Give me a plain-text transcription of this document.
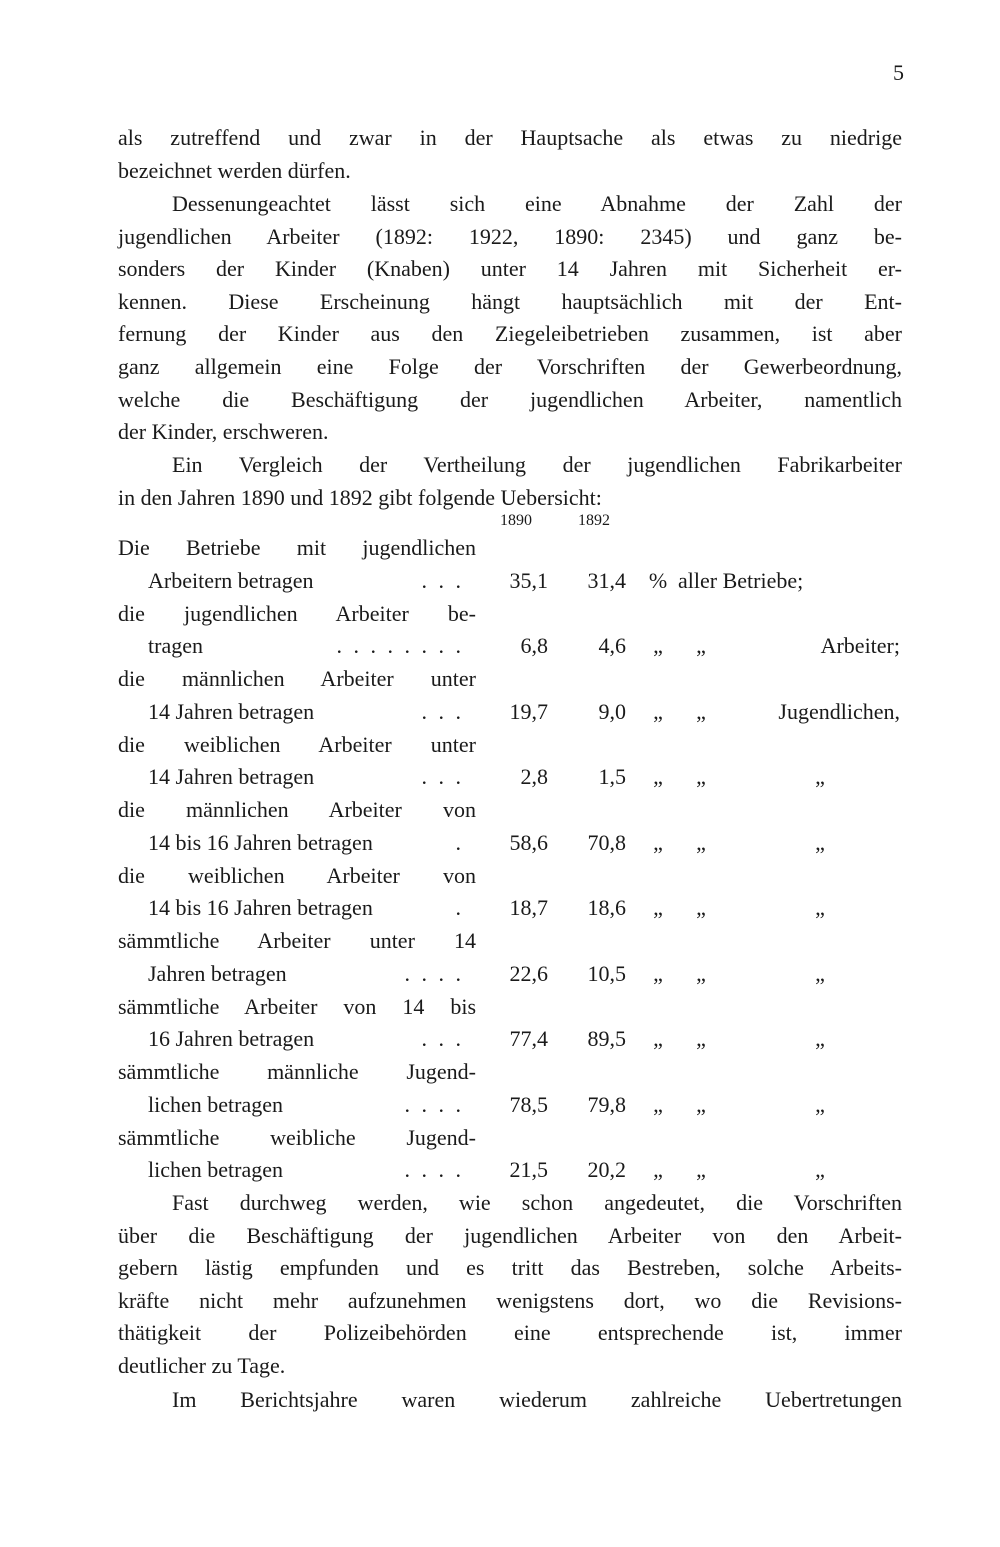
5
als zutreffend und zwar in der Hauptsache als etwas zu niedrige
bezeichnet werden dürfen.
Dessenungeachtet lässt sich eine Abnahme der Zahl der
jugendlichen Arbeiter (1892: 1922, 1890: 2345) und ganz be-
sonders der Kinder (Knaben) unter 14 Jahren mit Sicherheit er-
kennen. Diese Erscheinung hängt hauptsächlich mit der Ent-
fernung der Kinder aus den Ziegeleibetrieben zusammen, ist aber
ganz allgemein eine Folge der Vorschriften der Gewerbeordnung,
welche die Beschäftigung der jugendlichen Arbeiter, namentlich
der Kinder, erschweren.
Ein Vergleich der Vertheilung der jugendlichen Fabrikarbeiter
in den Jahren 1890 und 1892 gibt folgende Uebersicht:
1890	1892
Die Betriebe mit jugendlichen
Arbeitern betragen	. . .	35,1	31,4 % aller Betriebe;
die jugendlichen Arbeiter be-
tragen	. . . . . . . .	6,8	4,6	„	„	Arbeiter;
die männlichen Arbeiter unter
14 Jahren betragen	. . .	19,7	9,0	„	„	Jugendlichen,
die weiblichen Arbeiter unter
14 Jahren betragen	. . .	2,8	1,5	„	„	„
die männlichen Arbeiter von
14 bis 16 Jahren betragen	.	58,6	70,8	„	„	„
die weiblichen Arbeiter von
14 bis 16 Jahren betragen	.	18,7	18,6	„	„	„
sämmtliche Arbeiter unter 14
Jahren betragen	. . . .	22,6	10,5	„	„	„
sämmtliche Arbeiter von 14 bis
16 Jahren betragen	. . .	77,4	89,5	„	„	„
sämmtliche männliche Jugend-
lichen betragen	. . . .	78,5	79,8	„	„	„
sämmtliche weibliche Jugend-
lichen betragen	. . . .	21,5	20,2	„	„	„
Fast durchweg werden, wie schon angedeutet, die Vorschriften
über die Beschäftigung der jugendlichen Arbeiter von den Arbeit-
gebern lästig empfunden und es tritt das Bestreben, solche Arbeits-
kräfte nicht mehr aufzunehmen wenigstens dort, wo die Revisions-
thätigkeit der Polizeibehörden eine entsprechende ist, immer
deutlicher zu Tage.
Im Berichtsjahre waren wiederum zahlreiche Uebertretungen
